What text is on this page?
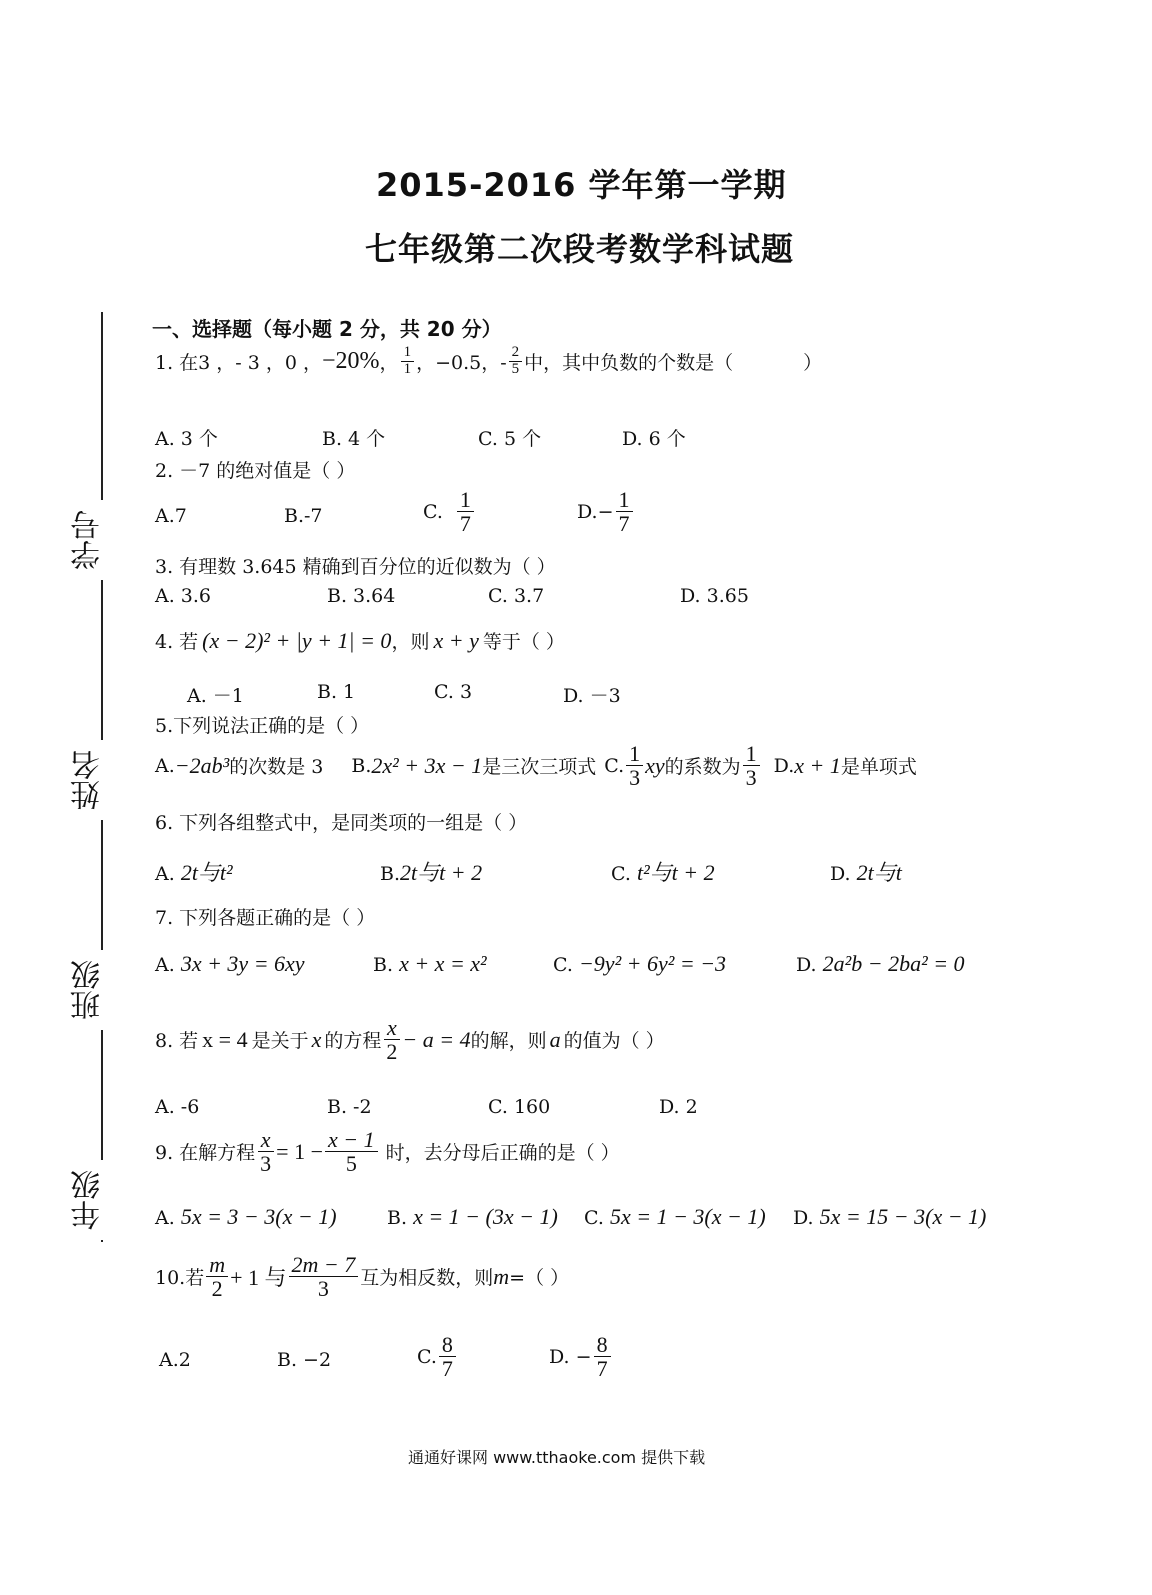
2015-2016 学年第一学期
七年级第二次段考数学科试题
学号
姓名
班级
年级
一、选择题（每小题 2 分，共 20 分）
1. 在3 ，- 3 ，0 ， −20% ， $\frac{1}{1}$ ，−0.5，- $\frac{2}{5}$ 中，其中负数的个数是（	）
A. 3 个	B. 4 个	C. 5 个	D. 6 个
2. －7 的绝对值是（ ）
A.7	B.-7	C. $\frac{1}{7}$	$D.- \frac{1}{7}$
3. 有理数 3.645 精确到百分位的近似数为（ ）
A. 3.6	B. 3.64	C. 3.7	D. 3.65
4. 若 (x − 2)² + |y + 1| = 0 ，则 x + y 等于（ ）
A. －1	B. 1	C. 3	D. －3
5.下列说法正确的是（ ）
A. −2ab³ 的次数是 3 B. 2x² + 3x − 1 是三次三项式 C. $\frac{1}{3}$ xy 的系数为 $\frac{1}{3} D$. x + 1 是单项式
6. 下列各组整式中，是同类项的一组是（ ）
A. 2t与t²	B.2t与t + 2	C. t²与t + 2	D. 2t与t
7. 下列各题正确的是（ ）
A. 3x + 3y = 6xy	B. x + x = x²	C. −9y² + 6y² = −3	D. 2a²b − 2ba² = 0
8. 若 x = 4 是关于 x 的方程 $\frac{x}{2} - a = 4$ 的解，则 a 的值为（ ）
A. -6	B. -2	C. 160	D. 2
9. 在解方程 $\frac{x}{3} = 1 - \frac{x - 1}{5}$ 时，去分母后正确的是（ ）
A. 5x = 3 − 3(x − 1)	B. x = 1 − (3x − 1) C. 5x = 1 − 3(x − 1) D. 5x = 15 − 3(x − 1)
10.若 $\frac{m}{2} + 1$ 与 $\frac{2m - 7}{3}$ 互为相反数，则 m =（ ）
A.2	B. −2	C. $\frac{8}{7}$	D. − $\frac{8}{7}$
通通好课网 www.tthaoke.com 提供下载
